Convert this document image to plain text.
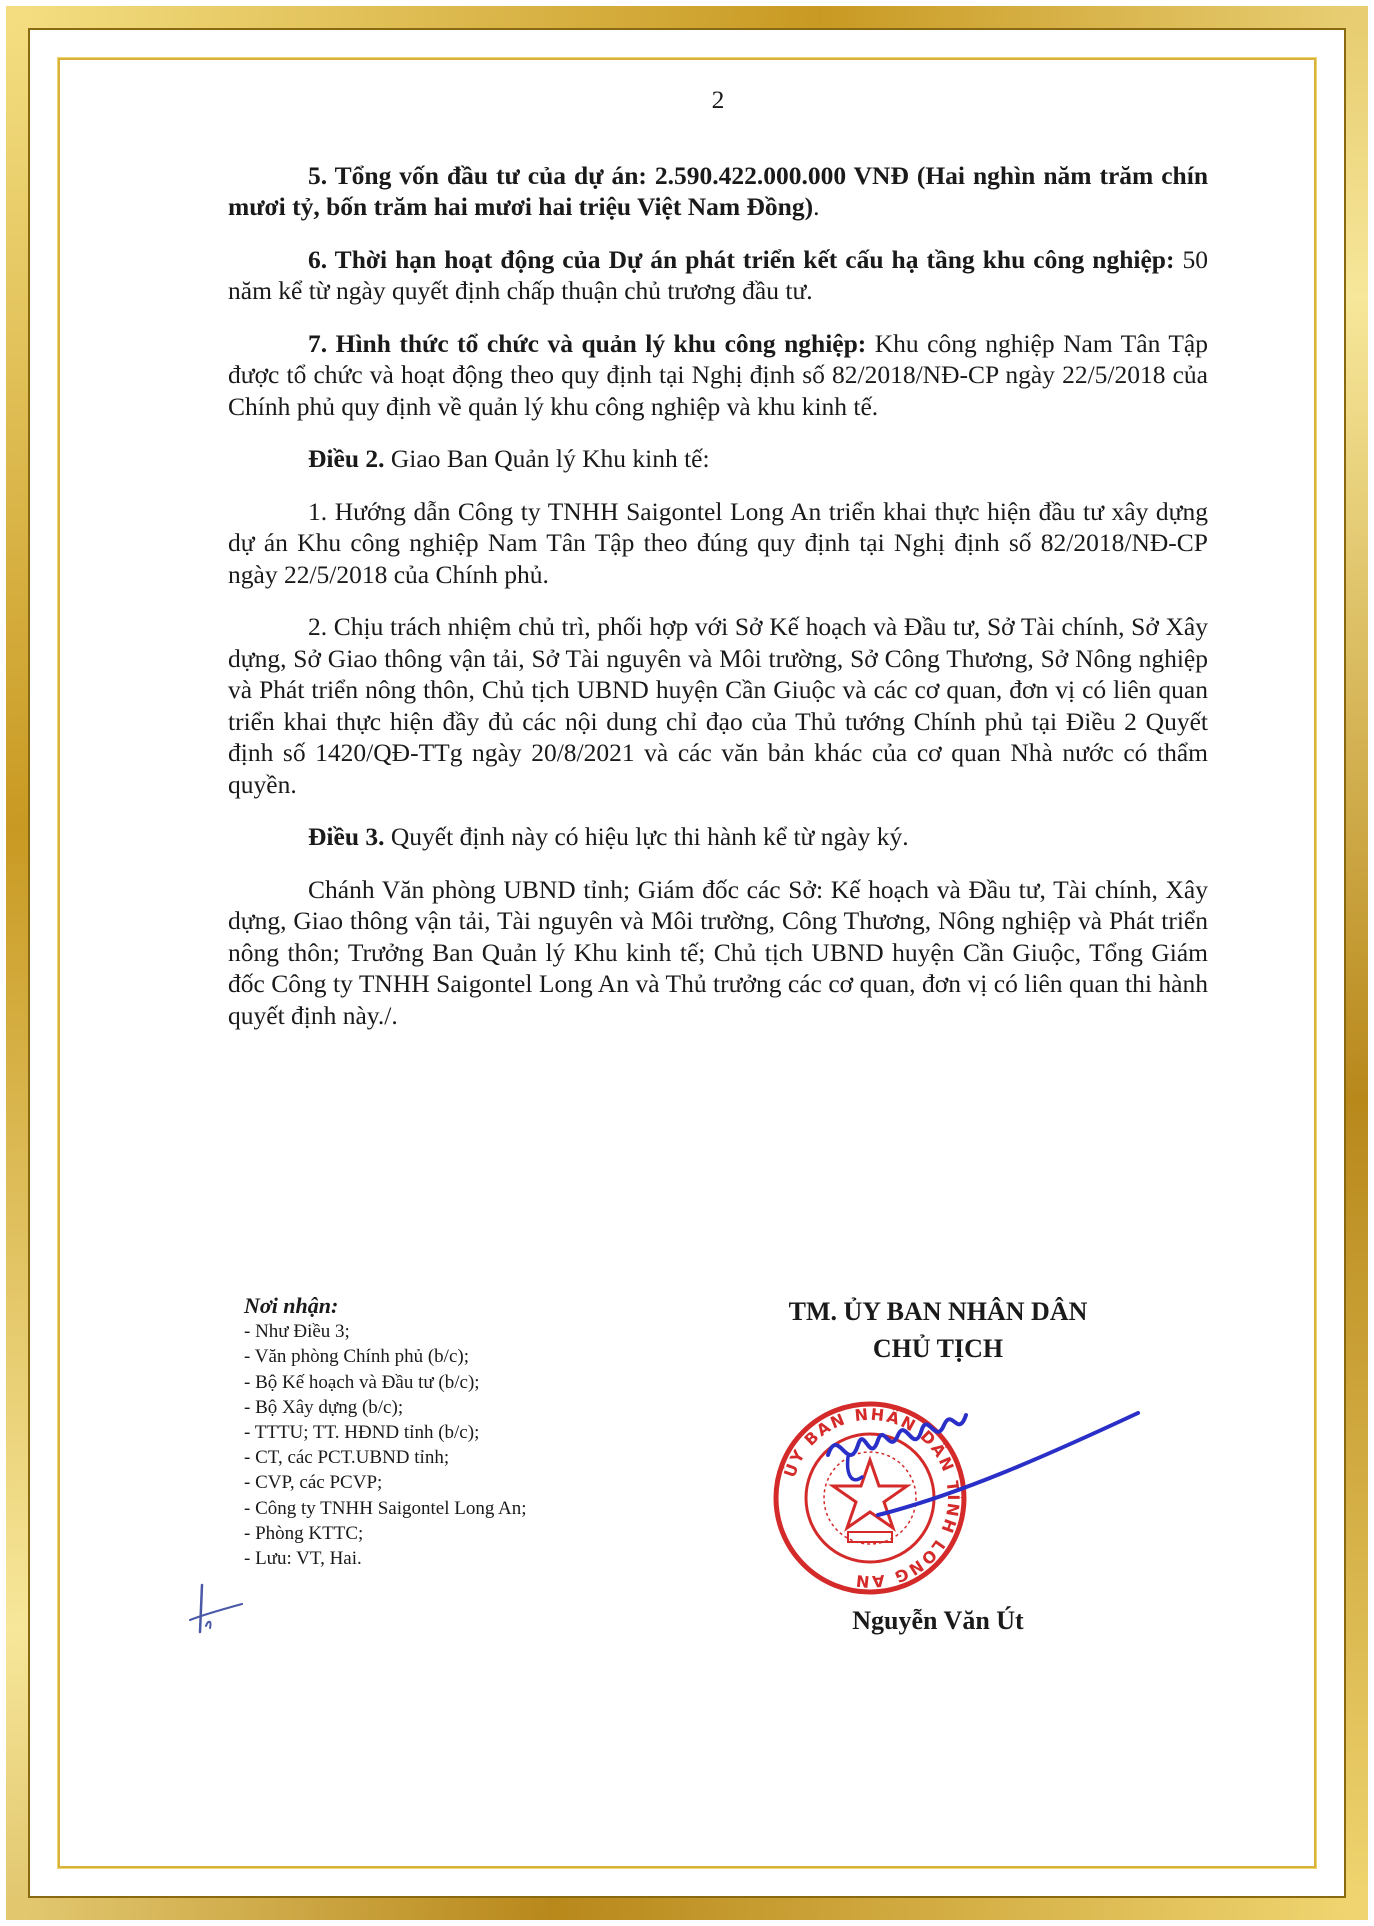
2
5. Tổng vốn đầu tư của dự án: 2.590.422.000.000 VNĐ (Hai nghìn năm trăm chín mươi tỷ, bốn trăm hai mươi hai triệu Việt Nam Đồng).
6. Thời hạn hoạt động của Dự án phát triển kết cấu hạ tầng khu công nghiệp: 50 năm kể từ ngày quyết định chấp thuận chủ trương đầu tư.
7. Hình thức tổ chức và quản lý khu công nghiệp: Khu công nghiệp Nam Tân Tập được tổ chức và hoạt động theo quy định tại Nghị định số 82/2018/NĐ-CP ngày 22/5/2018 của Chính phủ quy định về quản lý khu công nghiệp và khu kinh tế.
Điều 2. Giao Ban Quản lý Khu kinh tế:
1. Hướng dẫn Công ty TNHH Saigontel Long An triển khai thực hiện đầu tư xây dựng dự án Khu công nghiệp Nam Tân Tập theo đúng quy định tại Nghị định số 82/2018/NĐ-CP ngày 22/5/2018 của Chính phủ.
2. Chịu trách nhiệm chủ trì, phối hợp với Sở Kế hoạch và Đầu tư, Sở Tài chính, Sở Xây dựng, Sở Giao thông vận tải, Sở Tài nguyên và Môi trường, Sở Công Thương, Sở Nông nghiệp và Phát triển nông thôn, Chủ tịch UBND huyện Cần Giuộc và các cơ quan, đơn vị có liên quan triển khai thực hiện đầy đủ các nội dung chỉ đạo của Thủ tướng Chính phủ tại Điều 2 Quyết định số 1420/QĐ-TTg ngày 20/8/2021 và các văn bản khác của cơ quan Nhà nước có thẩm quyền.
Điều 3. Quyết định này có hiệu lực thi hành kể từ ngày ký.
Chánh Văn phòng UBND tỉnh; Giám đốc các Sở: Kế hoạch và Đầu tư, Tài chính, Xây dựng, Giao thông vận tải, Tài nguyên và Môi trường, Công Thương, Nông nghiệp và Phát triển nông thôn; Trưởng Ban Quản lý Khu kinh tế; Chủ tịch UBND huyện Cần Giuộc, Tổng Giám đốc Công ty TNHH Saigontel Long An và Thủ trưởng các cơ quan, đơn vị có liên quan thi hành quyết định này./.
Nơi nhận:
- Như Điều 3;
- Văn phòng Chính phủ (b/c);
- Bộ Kế hoạch và Đầu tư (b/c);
- Bộ Xây dựng (b/c);
- TTTU; TT. HĐND tỉnh (b/c);
- CT, các PCT.UBND tỉnh;
- CVP, các PCVP;
- Công ty TNHH Saigontel Long An;
- Phòng KTTC;
- Lưu: VT, Hai.
TM. ỦY BAN NHÂN DÂN
CHỦ TỊCH
ỦY BAN NHÂN DÂN TỈNH LONG AN
Nguyễn Văn Út
